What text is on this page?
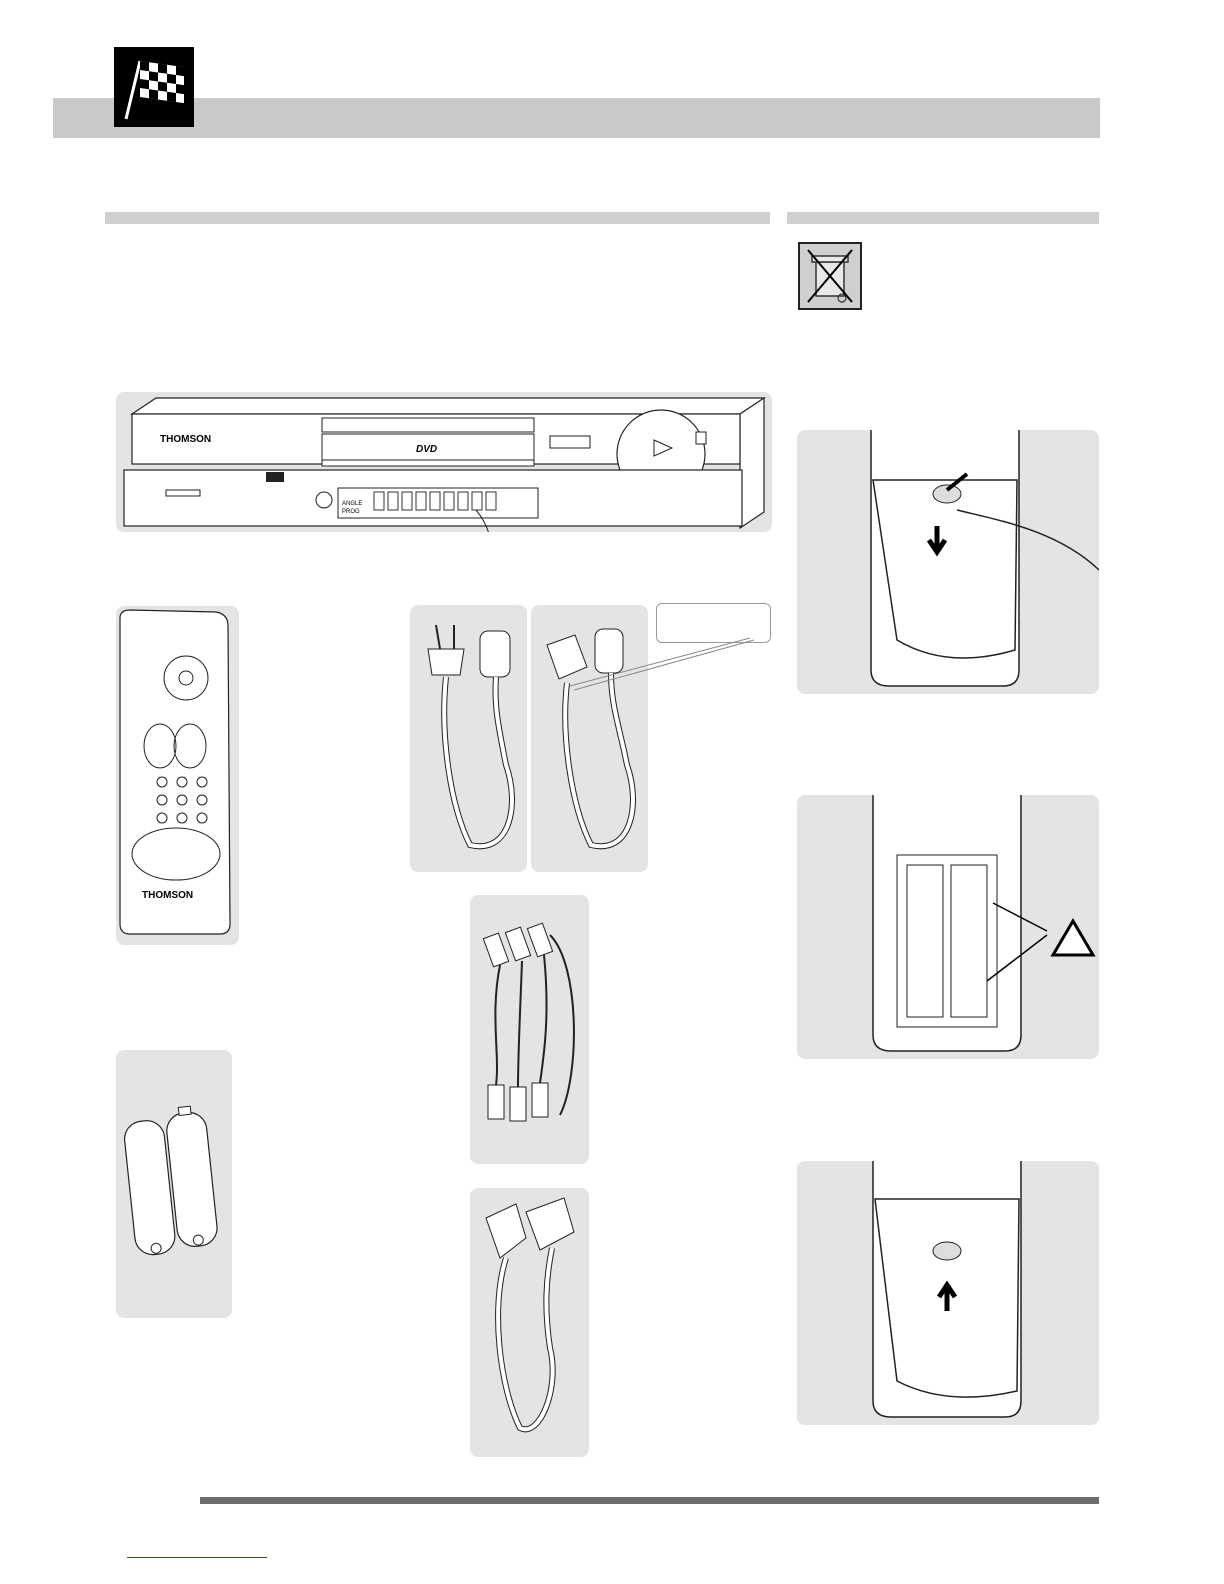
DVD
THOMSON
ANGLE
PROG
THOMSON
